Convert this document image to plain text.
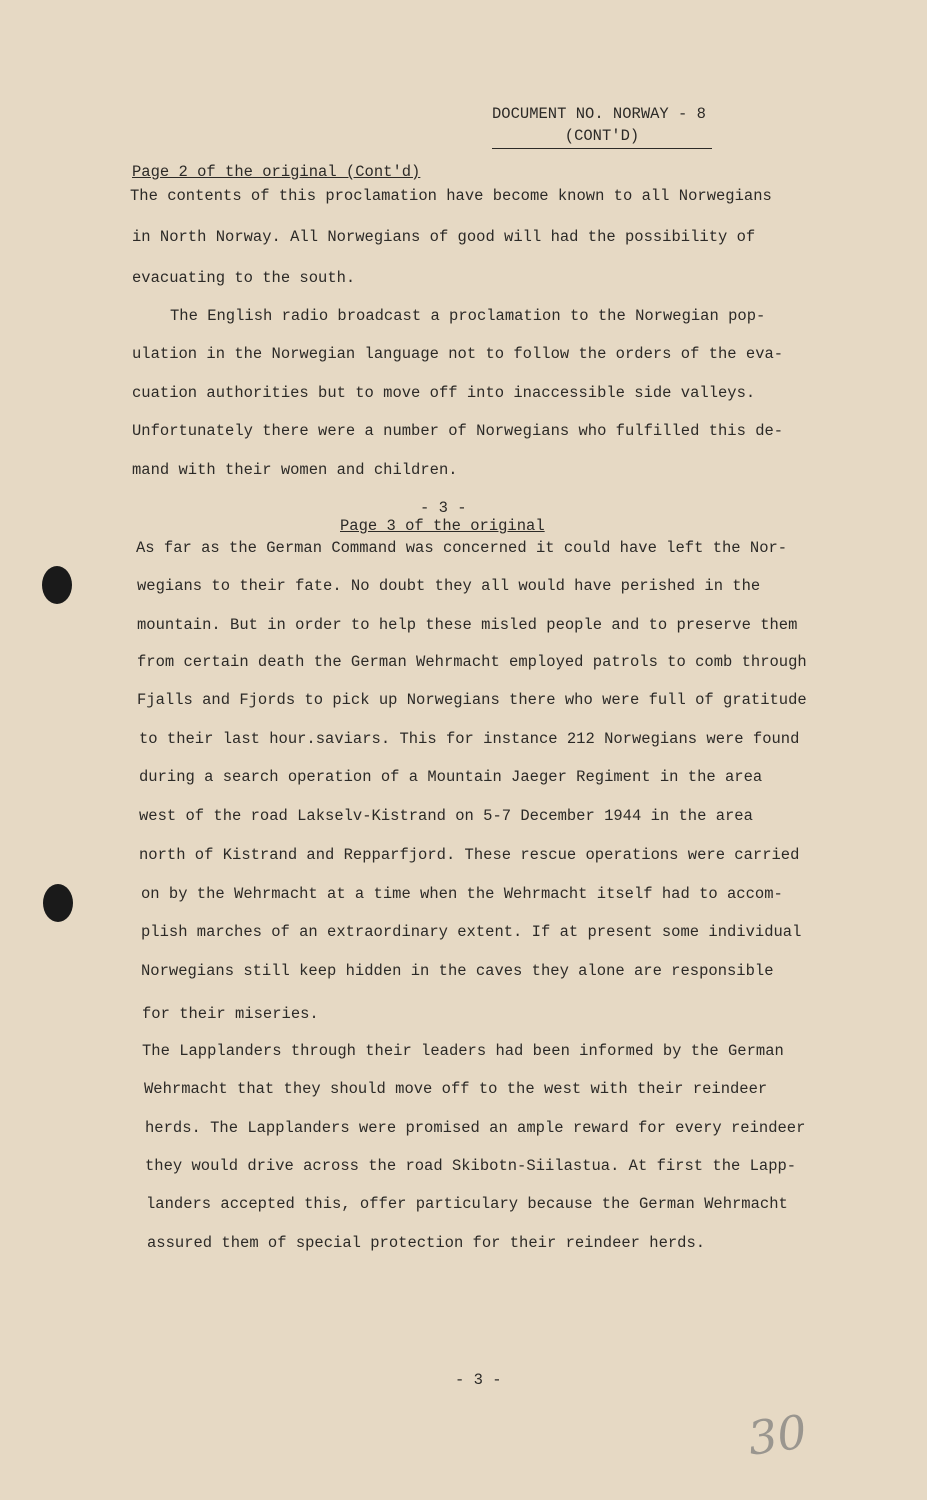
DOCUMENT NO. NORWAY - 8
(CONT'D)
Page 2 of the original (Cont'd)
The contents of this proclamation have become known to all Norwegians
in North Norway. All Norwegians of good will had the possibility of
evacuating to the south.
The English radio broadcast a proclamation to the Norwegian pop-
ulation in the Norwegian language not to follow the orders of the eva-
cuation authorities but to move off into inaccessible side valleys.
Unfortunately there were a number of Norwegians who fulfilled this de-
mand with their women and children.
- 3 -
Page 3 of the original
As far as the German Command was concerned it could have left the Nor-
wegians to their fate. No doubt they all would have perished in the
mountain. But in order to help these misled people and to preserve them
from certain death the German Wehrmacht employed patrols to comb through
Fjalls and Fjords to pick up Norwegians there who were full of gratitude
to their last hour.saviars. This for instance 212 Norwegians were found
during a search operation of a Mountain Jaeger Regiment in the area
west of the road Lakselv-Kistrand on 5-7 December 1944 in the area
north of Kistrand and Repparfjord. These rescue operations were carried
on by the Wehrmacht at a time when the Wehrmacht itself had to accom-
plish marches of an extraordinary extent. If at present some individual
Norwegians still keep hidden in the caves they alone are responsible
for their miseries.
The Lapplanders through their leaders had been informed by the German
Wehrmacht that they should move off to the west with their reindeer
herds. The Lapplanders were promised an ample reward for every reindeer
they would drive across the road Skibotn-Siilastua. At first the Lapp-
landers accepted this, offer particulary because the German Wehrmacht
assured them of special protection for their reindeer herds.
- 3 -
30
